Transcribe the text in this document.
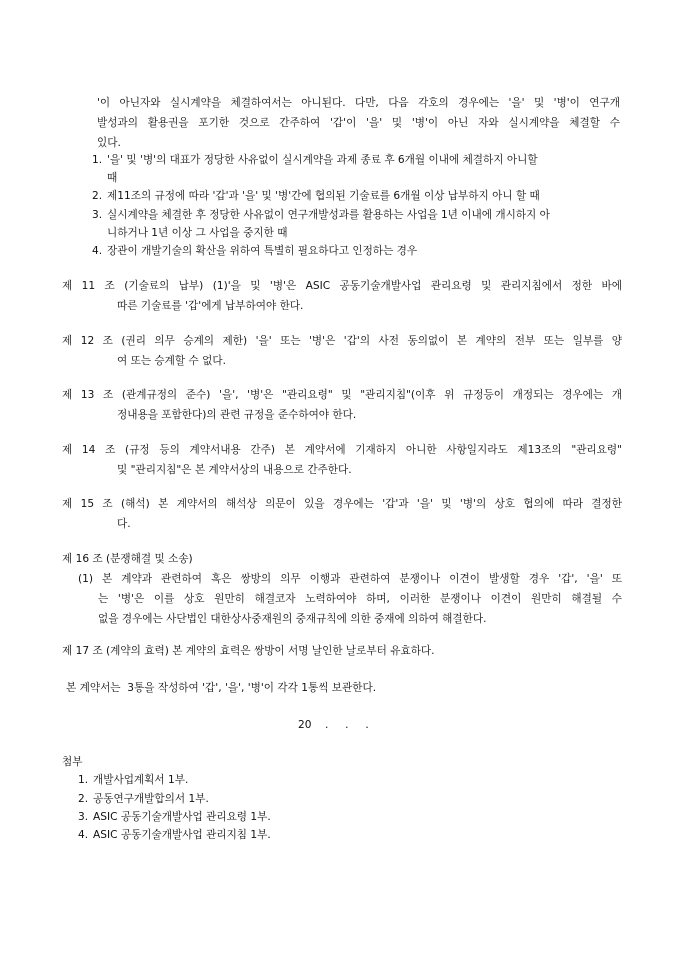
'이 아닌자와 실시계약을 체결하여서는 아니된다. 다만, 다음 각호의 경우에는 '을' 및 '병'이 연구개
발성과의 활용권을 포기한 것으로 간주하여 '갑'이 '을' 및 '병'이 아닌 자와 실시계약을 체결할 수
있다.
1. '을' 및 '병'의 대표가 정당한 사유없이 실시계약을 과제 종료 후 6개월 이내에 체결하지 아니할
때
2. 제11조의 규정에 따라 '갑'과 '을' 및 '병'간에 협의된 기술료를 6개월 이상 납부하지 아니 할 때
3. 실시계약을 체결한 후 정당한 사유없이 연구개발성과를 활용하는 사업을 1년 이내에 개시하지 아
니하거나 1년 이상 그 사업을 중지한 때
4. 장관이 개발기술의 확산을 위하여 특별히 필요하다고 인정하는 경우
제 11 조 (기술료의 납부) (1)'을 및 '병'은 ASIC 공동기술개발사업 관리요령 및 관리지침에서 정한 바에
따른 기술료를 '갑'에게 납부하여야 한다.
제 12 조 (권리 의무 승계의 제한) '을' 또는 '병'은 '갑'의 사전 동의없이 본 계약의 전부 또는 일부를 양
여 또는 승계할 수 없다.
제 13 조 (관계규정의 준수) '을', '병'은 "관리요령" 및 "관리지침"(이후 위 규정등이 개정되는 경우에는 개
정내용을 포함한다)의 관련 규정을 준수하여야 한다.
제 14 조 (규정 등의 계약서내용 간주) 본 계약서에 기재하지 아니한 사항일지라도 제13조의 "관리요령"
및 "관리지침"은 본 계약서상의 내용으로 간주한다.
제 15 조 (해석) 본 계약서의 해석상 의문이 있을 경우에는 '갑'과 '을' 및 '병'의 상호 협의에 따라 결정한
다.
제 16 조 (분쟁해결 및 소송)
(1) 본 계약과 관련하여 혹은 쌍방의 의무 이행과 관련하여 분쟁이나 이견이 발생할 경우 '갑', '을' 또
는 '병'은 이를 상호 원만히 해결코자 노력하여야 하며, 이러한 분쟁이나 이견이 원만히 해결될 수
없을 경우에는 사단법인 대한상사중재원의 중재규칙에 의한 중재에 의하여 해결한다.
제 17 조 (계약의 효력) 본 계약의 효력은 쌍방이 서명 날인한 날로부터 유효하다.
본 계약서는  3통을 작성하여 '갑', '을', '병'이 각각 1통씩 보관한다.
20    .     .     .
첨부
1. 개발사업계획서 1부.
2. 공동연구개발합의서 1부.
3. ASIC 공동기술개발사업 관리요령 1부.
4. ASIC 공동기술개발사업 관리지침 1부.
